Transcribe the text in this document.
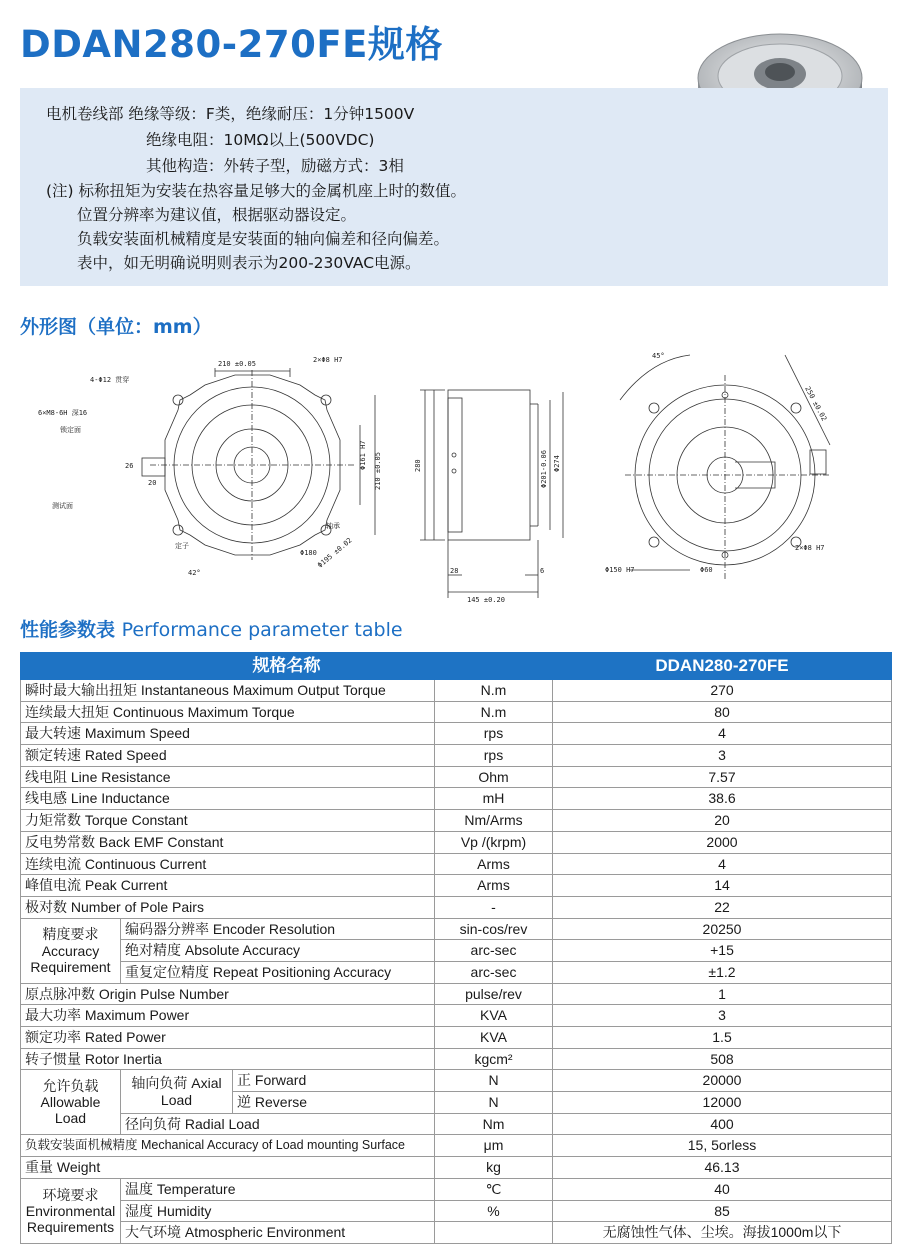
DDAN280-270FE规格
电机卷线部 绝缘等级：F类，绝缘耐压：1分钟1500V
绝缘电阻：10MΩ以上(500VDC)
其他构造：外转子型，励磁方式：3相
(注) 标称扭矩为安装在热容量足够大的金属机座上时的数值。
位置分辨率为建议值，根据驱动器设定。
负载安装面机械精度是安装面的轴向偏差和径向偏差。
表中，如无明确说明则表示为200-230VAC电源。
外形图（单位：mm）
210 ±0.05	2×Φ8 H7
6×M8-6H 深16
4-Φ12 贯穿
锁定面
测试面
Φ161 H7 210 ±0.05
Φ180 Φ195 ±0.02
42°
20
26
轴承
定子
280	Φ201-0.06 Φ274
28
145 ±0.20
6
45°
250 ±0.02
Φ150 H7	Φ60
2×Φ8 H7
性能参数表 Performance parameter table
规格名称				DDAN280-270FE
瞬时最大输出扭矩 Instantaneous Maximum Output Torque			N.m	270
连续最大扭矩 Continuous Maximum Torque			N.m	80
最大转速 Maximum Speed			rps	4
额定转速 Rated Speed			rps	3
线电阻 Line Resistance			Ohm	7.57
线电感 Line Inductance			mH	38.6
力矩常数 Torque Constant			Nm/Arms	20
反电势常数 Back EMF Constant			Vp /(krpm)	2000
连续电流 Continuous Current			Arms	4
峰值电流 Peak Current			Arms	14
极对数 Number of Pole Pairs			-	22
精度要求 Accuracy Requirement	编码器分辨率 Encoder Resolution		sin-cos/rev	20250
	绝对精度 Absolute Accuracy		arc-sec	+15
	重复定位精度 Repeat Positioning Accuracy		arc-sec	±1.2
原点脉冲数 Origin Pulse Number			pulse/rev	1
最大功率 Maximum Power			KVA	3
额定功率 Rated Power			KVA	1.5
转子惯量 Rotor Inertia			kgcm²	508
允许负载 Allowable Load	轴向负荷 Axial Load	正 Forward	N	20000
		逆 Reverse	N	12000
	径向负荷 Radial Load		Nm	400
负载安装面机械精度 Mechanical Accuracy of Load mounting Surface			μm	15, 5orless
重量 Weight			kg	46.13
环境要求 Environmental Requirements	温度 Temperature		℃	40
	湿度 Humidity		%	85
	大气环境 Atmospheric Environment			无腐蚀性气体、尘埃。海拔1000m以下
